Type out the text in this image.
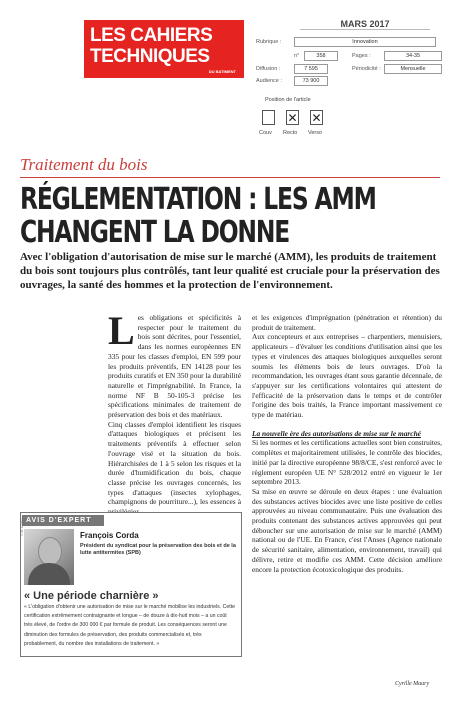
LES CAHIERS
TECHNIQUES
DU BATIMENT
MARS 2017
Rubrique :	Innovation
n°	358	Pages :	34-35
Diffusion :	7 595	Périodicité :	Mensuelle
Audience :	73 900
Position de l'article
✕ ✕
Couv Recto Verso
Traitement du bois
RÉGLEMENTATION : LES AMM
CHANGENT LA DONNE
Avec l'obligation d'autorisation de mise sur le marché (AMM), les produits de traitement du bois sont toujours plus contrôlés, tant leur qualité est cruciale pour la préservation des ouvrages, la santé des hommes et la protection de l'environnement.
L es obligations et spécificités à respecter pour le traitement du bois sont décrites, pour l'essentiel, dans les normes européennes EN 335 pour les classes d'emploi, EN 599 pour les produits préventifs, EN 14128 pour les produits curatifs et EN 350 pour la durabilité naturelle et l'imprégnabilité. In France, la norme NF B 50-105-3 précise les spécifications minimales de traitement de préservation des bois et des matériaux.
Cinq classes d'emploi identifient les risques d'attaques biologiques et précisent les traitements préventifs à effectuer selon l'ouvrage visé et la situation du bois. Hiérarchisées de 1 à 5 selon les risques et la durée d'humidification du bois, chaque classe précise les ouvrages concernés, les types d'attaques (insectes xylophages, champignons de pourriture...), les essences à
et les exigences d'imprégnation (pénétration et rétention) du produit de traitement.
Aux concepteurs et aux entreprises – charpentiers, menuisiers, applicateurs – d'évaluer les conditions d'utilisation ainsi que les types et virulences des attaques biologiques auxquelles seront soumis les éléments bois de leurs ouvrages. D'où la recommandation, les ouvrages étant sous garantie décennale, de s'appuyer sur les certifications volontaires qui attestent de l'efficacité de la préservation dans le temps et de contrôler l'origine des bois traités, la France important massivement ce type de matériau.
La nouvelle ère des autorisations de mise sur le marché
Si les normes et les certifications actuelles sont bien construites, complètes et majoritairement utilisées, le contrôle des biocides, initié par la directive européenne 98/8/CE, s'est renforcé avec le règlement européen UE N° 528/2012 entré en vigueur le 1er septembre 2013.
Sa mise en œuvre se déroule en deux étapes : une évaluation des substances actives biocides avec une liste positive de celles approuvées au niveau communautaire. Puis une évaluation des produits contenant des substances actives approuvées qui peut déboucher sur une autorisation de mise sur le marché (AMM) national ou de l'UE. En France, c'est l'Anses (Agence nationale de sécurité sanitaire, alimentation, environnement, travail) qui délivre, retire et modifie ces AMM. Cette décision améliore encore la protection écotoxicologique des produits.
Cyrille Maury
AVIS D'EXPERT
© D. Goiffon	François Corda
Président du syndicat pour la préservation des bois et de la lutte antitermites (SPB)
« Une période charnière »
« L'obligation d'obtenir une autorisation de mise sur le marché mobilise les industriels. Cette certification extrêmement contraignante et longue – de douze à dix-huit mois – a un coût très élevé, de l'ordre de 300 000 € par formule de produit. Les conséquences seront une diminution des formules de préservation, des produits commercialisés et, très probablement, du nombre des installations de traitement. »
